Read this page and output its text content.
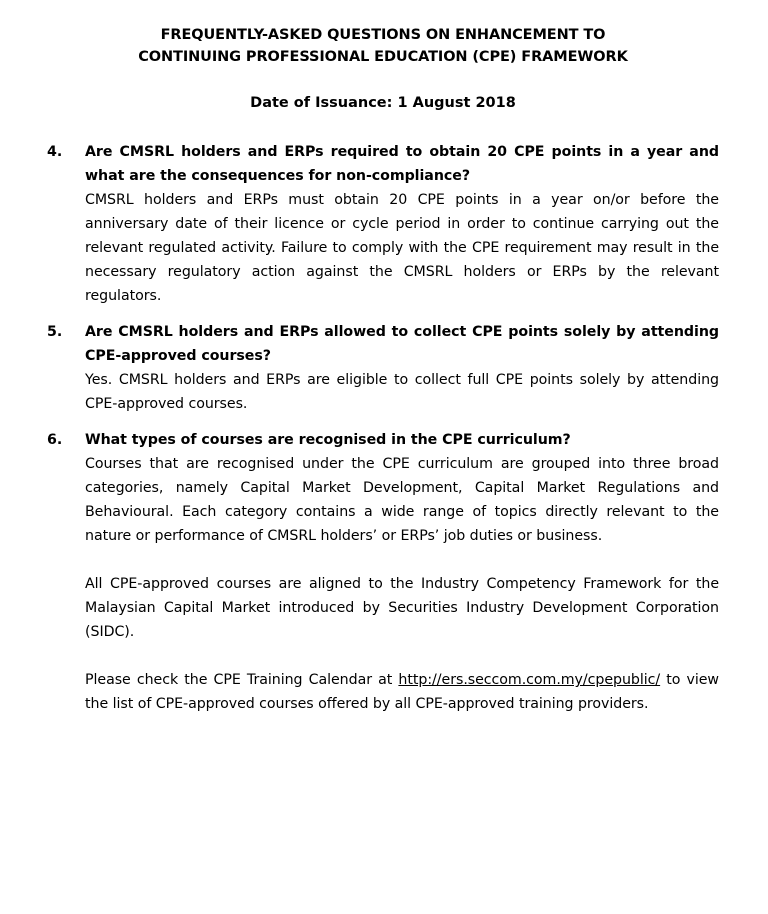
FREQUENTLY-ASKED QUESTIONS ON ENHANCEMENT TO
CONTINUING PROFESSIONAL EDUCATION (CPE) FRAMEWORK
Date of Issuance: 1 August 2018
4.	Are CMSRL holders and ERPs required to obtain 20 CPE points in a year and what are the consequences for non-compliance?

CMSRL holders and ERPs must obtain 20 CPE points in a year on/or before the anniversary date of their licence or cycle period in order to continue carrying out the relevant regulated activity. Failure to comply with the CPE requirement may result in the necessary regulatory action against the CMSRL holders or ERPs by the relevant regulators.

5.	Are CMSRL holders and ERPs allowed to collect CPE points solely by attending CPE-approved courses?

Yes. CMSRL holders and ERPs are eligible to collect full CPE points solely by attending CPE-approved courses.

6.	What types of courses are recognised in the CPE curriculum?

Courses that are recognised under the CPE curriculum are grouped into three broad categories, namely Capital Market Development, Capital Market Regulations and Behavioural. Each category contains a wide range of topics directly relevant to the nature or performance of CMSRL holders’ or ERPs’ job duties or business.

All CPE-approved courses are aligned to the Industry Competency Framework for the Malaysian Capital Market introduced by Securities Industry Development Corporation (SIDC).

Please check the CPE Training Calendar at http://ers.seccom.com.my/cpepublic/ to view the list of CPE-approved courses offered by all CPE-approved training providers.
